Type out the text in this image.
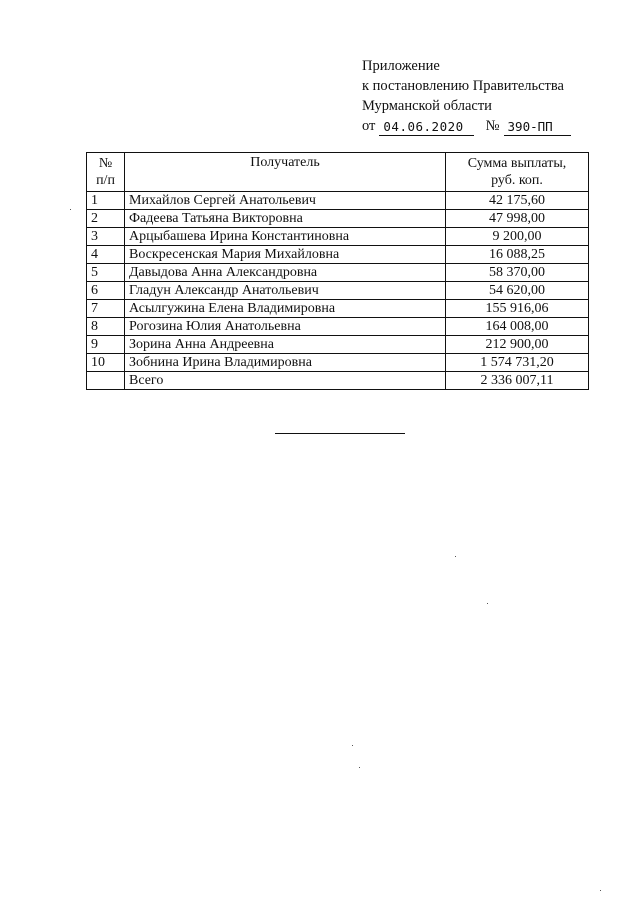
Приложение
к постановлению Правительства
Мурманской области
от 04.06.2020	№ 390-ПП
№
п/п	Получатель	Сумма выплаты,
руб. коп.
1	Михайлов Сергей Анатольевич	42 175,60
2	Фадеева Татьяна Викторовна	47 998,00
3	Арцыбашева Ирина Константиновна	9 200,00
4	Воскресенская Мария Михайловна	16 088,25
5	Давыдова Анна Александровна	58 370,00
6	Гладун Александр Анатольевич	54 620,00
7	Асылгужина Елена Владимировна	155 916,06
8	Рогозина Юлия Анатольевна	164 008,00
9	Зорина Анна Андреевна	212 900,00
10	Зобнина Ирина Владимировна	1 574 731,20
	Всего	2 336 007,11
